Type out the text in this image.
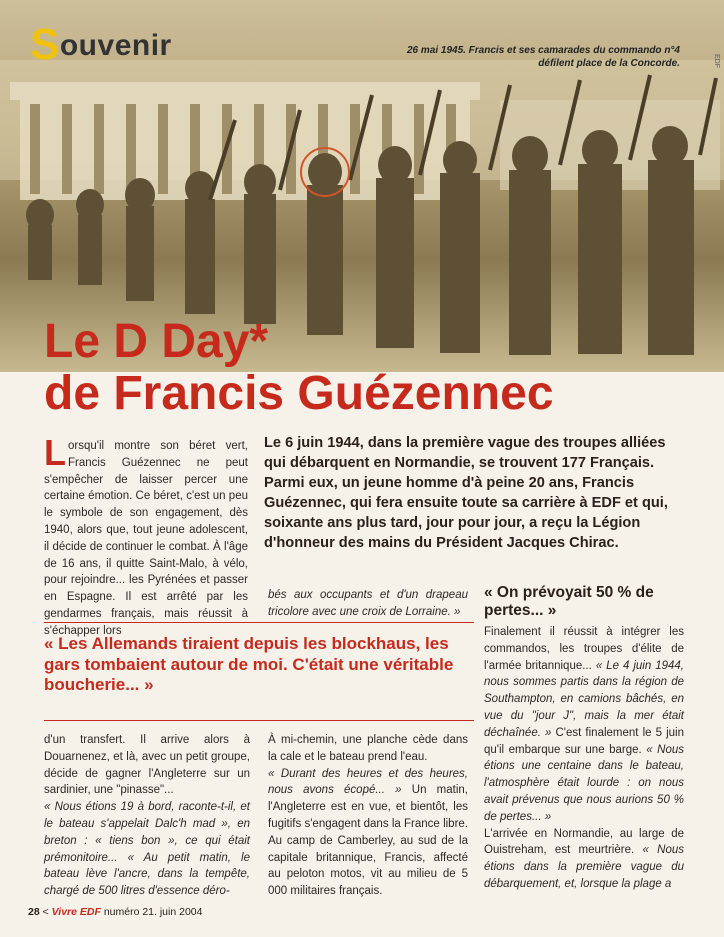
Souvenir	26 mai 1945. Francis et ses camarades du commando n°4 défilent place de la Concorde.	EDF
Le D Day*
de Francis Guézennec
Le 6 juin 1944, dans la première vague des troupes alliées qui débarquent en Normandie, se trouvent 177 Français. Parmi eux, un jeune homme d'à peine 20 ans, Francis Guézennec, qui fera ensuite toute sa carrière à EDF et qui, soixante ans plus tard, jour pour jour, a reçu la Légion d'honneur des mains du Président Jacques Chirac.
Lorsqu'il montre son béret vert, Francis Guézennec ne peut s'empêcher de laisser percer une certaine émotion. Ce béret, c'est un peu le symbole de son engagement, dès 1940, alors que, tout jeune adolescent, il décide de continuer le combat. À l'âge de 16 ans, il quitte Saint-Malo, à vélo, pour rejoindre... les Pyrénées et passer en Espagne. Il est arrêté par les gendarmes français, mais réussit à s'échapper lors
bés aux occupants et d'un drapeau tricolore avec une croix de Lorraine. »
« On prévoyait 50 % de pertes... »
Finalement il réussit à intégrer les commandos, les troupes d'élite de l'armée britannique... « Le 4 juin 1944, nous sommes partis dans la région de Southampton, en camions bâchés, en vue du "jour J", mais la mer était déchaînée. » C'est finalement le 5 juin qu'il embarque sur une barge. « Nous étions une centaine dans le bateau, l'atmosphère était lourde : on nous avait prévenus que nous aurions 50 % de pertes... »
L'arrivée en Normandie, au large de Ouistreham, est meurtrière. « Nous étions dans la première vague du débarquement, et, lorsque la plage a
« Les Allemands tiraient depuis les blockhaus, les gars tombaient autour de moi. C'était une véritable boucherie... »
d'un transfert. Il arrive alors à Douarnenez, et là, avec un petit groupe, décide de gagner l'Angleterre sur un sardinier, une "pinasse"...
« Nous étions 19 à bord, raconte-t-il, et le bateau s'appelait Dalc'h mad », en breton : « tiens bon », ce qui était prémonitoire... « Au petit matin, le bateau lève l'ancre, dans la tempête, chargé de 500 litres d'essence déro-
À mi-chemin, une planche cède dans la cale et le bateau prend l'eau.
« Durant des heures et des heures, nous avons écopé... » Un matin, l'Angleterre est en vue, et bientôt, les fugitifs s'engagent dans la France libre. Au camp de Camberley, au sud de la capitale britannique, Francis, affecté au peloton motos, vit au milieu de 5 000 militaires français.
28 < Vivre EDF numéro 21. juin 2004
